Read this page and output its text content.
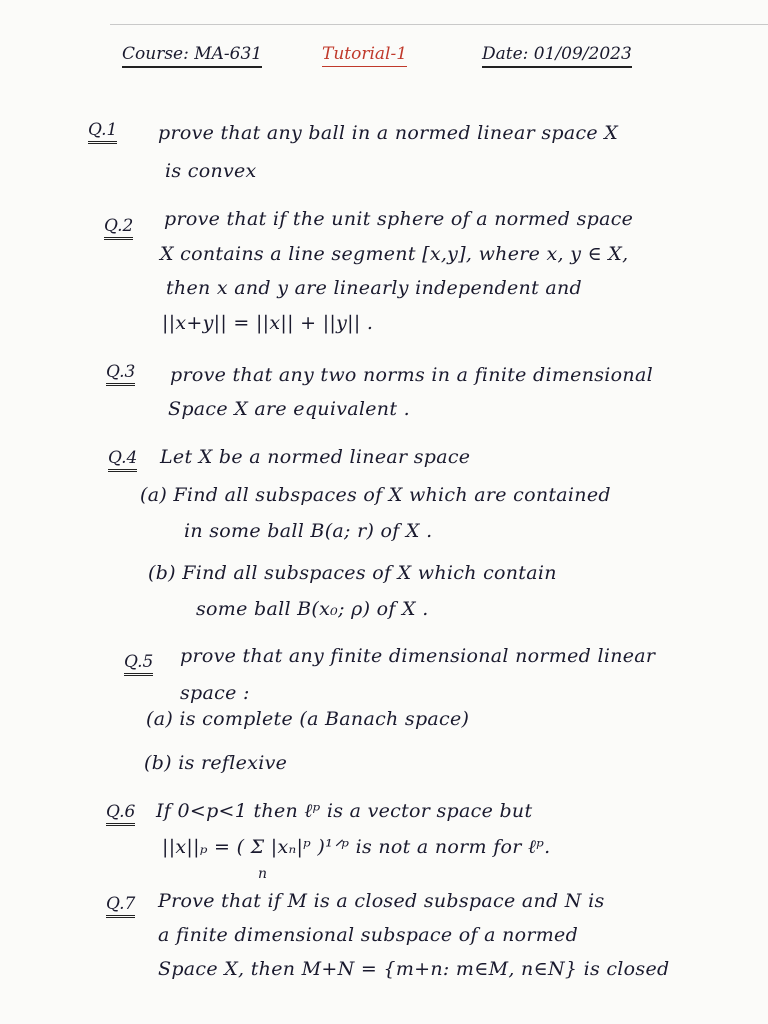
Course: MA-631	Tutorial-1	Date: 01/09/2023
Q.1 prove that any ball in a normed linear space X
is convex
Q.2 prove that if the unit sphere of a normed space
X contains a line segment [x,y], where x, y ∈ X,
then x and y are linearly independent and
||x+y|| = ||x|| + ||y|| .
Q.3 prove that any two norms in a finite dimensional
Space X are equivalent .
Q.4 Let X be a normed linear space
(a) Find all subspaces of X which are contained
in some ball B(a; r) of X .
(b) Find all subspaces of X which contain
some ball B(x₀; ρ) of X .
Q.5 prove that any finite dimensional normed linear
space :
(a) is complete (a Banach space)
(b) is reflexive
Q.6 If 0<p<1 then ℓᵖ is a vector space but
||x||ₚ = ( Σ |xₙ|ᵖ )¹ᐟᵖ is not a norm for ℓᵖ.
n
Q.7 Prove that if M is a closed subspace and N is
a finite dimensional subspace of a normed
Space X, then M+N = {m+n: m∈M, n∈N} is closed
